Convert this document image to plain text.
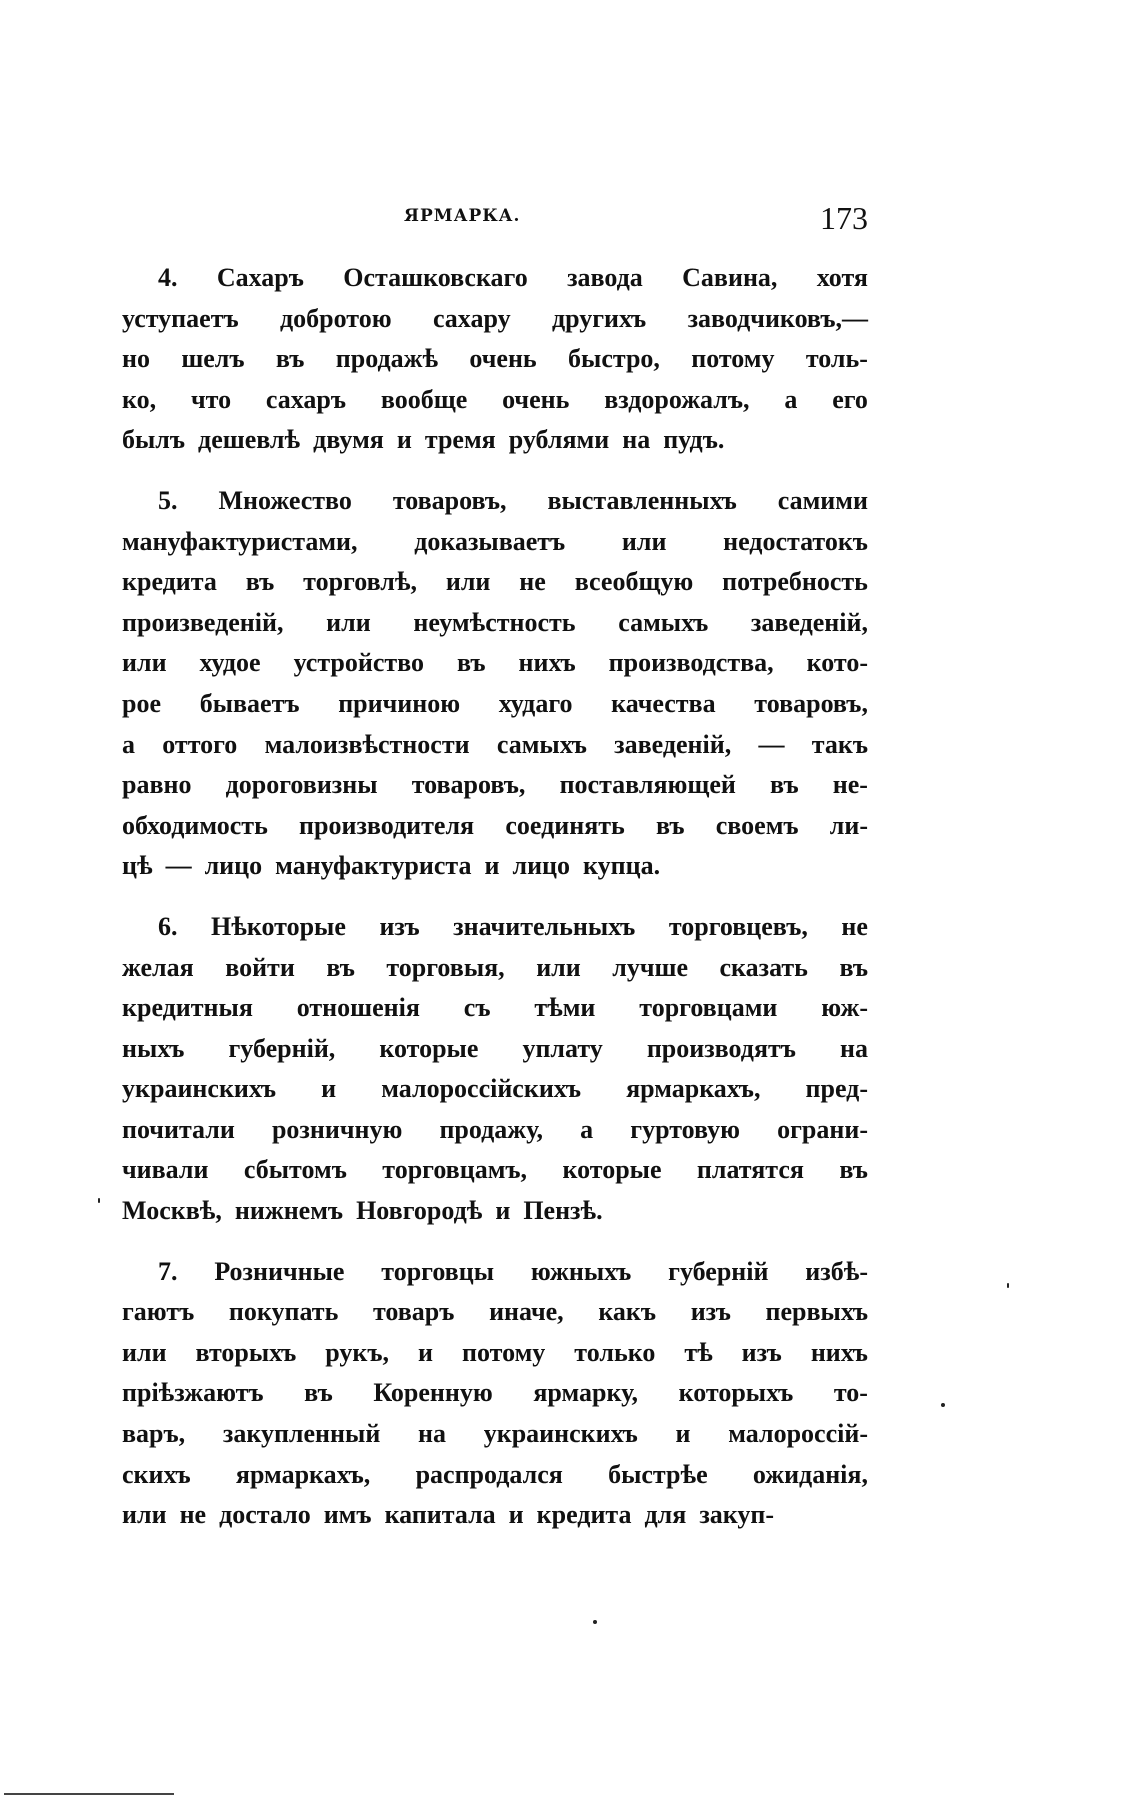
ЯРМАРКА.	173
4. Сахаръ Осташковскаго завода Савина, хотя
уступаетъ добротою сахару другихъ заводчиковъ,—
но шелъ въ продажѣ очень быстро, потому толь-
ко, что сахаръ вообще очень вздорожалъ, а его
былъ дешевлѣ двумя и тремя рублями на пудъ.
5. Множество товаровъ, выставленныхъ самими
мануфактуристами, доказываетъ или недостатокъ
кредита въ торговлѣ, или не всеобщую потребность
произведеній, или неумѣстность самыхъ заведеній,
или худое устройство въ нихъ производства, кото-
рое бываетъ причиною худаго качества товаровъ,
а оттого малоизвѣстности самыхъ заведеній, — такъ
равно дороговизны товаровъ, поставляющей въ не-
обходимость производителя соединять въ своемъ ли-
цѣ — лицо мануфактуриста и лицо купца.
6. Нѣкоторые изъ значительныхъ торговцевъ, не
желая войти въ торговыя, или лучше сказать въ
кредитныя отношенія съ тѣми торговцами юж-
ныхъ губерній, которые уплату производятъ на
украинскихъ и малороссійскихъ ярмаркахъ, пред-
почитали розничную продажу, а гуртовую ограни-
чивали сбытомъ торговцамъ, которые платятся въ
Москвѣ, нижнемъ Новгородѣ и Пензѣ.
7. Розничные торговцы южныхъ губерній избѣ-
гаютъ покупать товаръ иначе, какъ изъ первыхъ
или вторыхъ рукъ, и потому только тѣ изъ нихъ
пріѣзжаютъ въ Коренную ярмарку, которыхъ то-
варъ, закупленный на украинскихъ и малороссій-
скихъ ярмаркахъ, распродался быстрѣе ожиданія,
или не достало имъ капитала и кредита для закуп-
